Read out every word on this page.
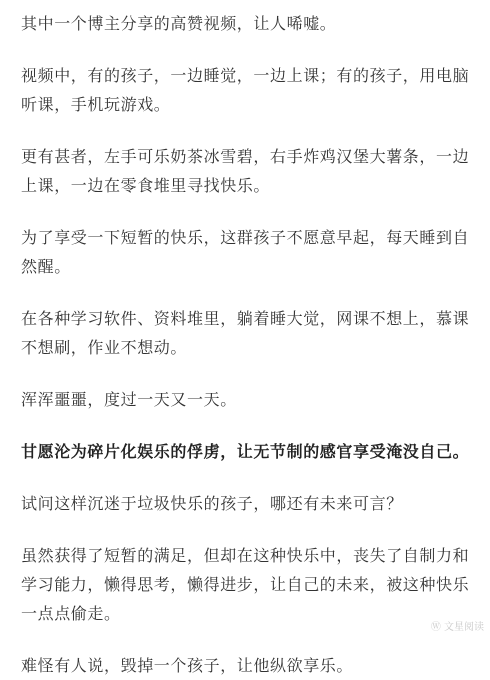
其中一个博主分享的高赞视频，让人唏嘘。

视频中，有的孩子，一边睡觉，一边上课；有的孩子，用电脑听课，手机玩游戏。

更有甚者，左手可乐奶茶冰雪碧，右手炸鸡汉堡大薯条，一边上课，一边在零食堆里寻找快乐。

为了享受一下短暂的快乐，这群孩子不愿意早起，每天睡到自然醒。

在各种学习软件、资料堆里，躺着睡大觉，网课不想上，慕课不想刷，作业不想动。

浑浑噩噩，度过一天又一天。

甘愿沦为碎片化娱乐的俘虏，让无节制的感官享受淹没自己。

试问这样沉迷于垃圾快乐的孩子，哪还有未来可言？

虽然获得了短暂的满足，但却在这种快乐中，丧失了自制力和学习能力，懒得思考，懒得进步，让自己的未来，被这种快乐一点点偷走。

难怪有人说，毁掉一个孩子，让他纵欲享乐。

Ⓦ 文星阅读
